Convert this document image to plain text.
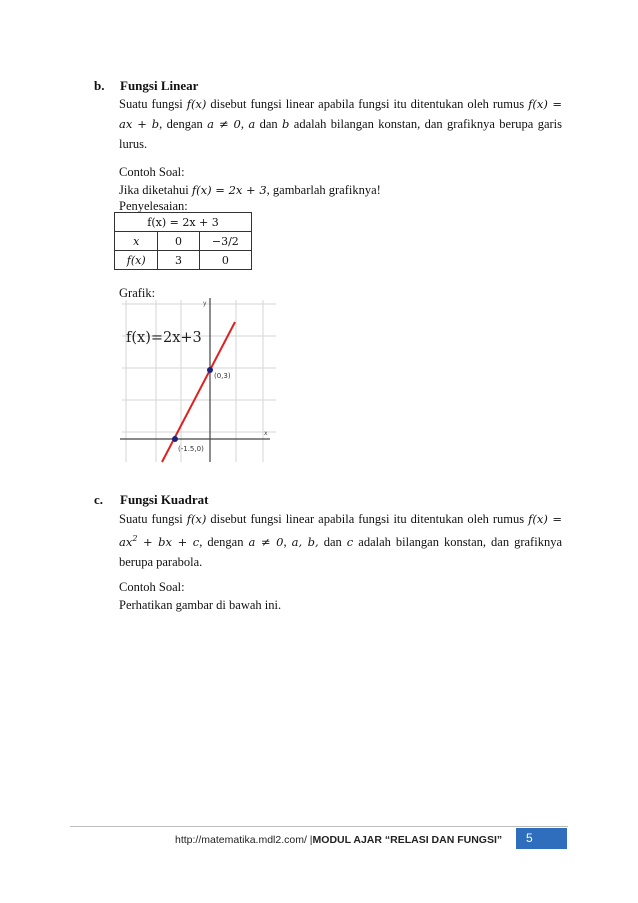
b. Fungsi Linear
Suatu fungsi f(x) disebut fungsi linear apabila fungsi itu ditentukan oleh rumus f(x) = ax + b, dengan a ≠ 0, a dan b adalah bilangan konstan, dan grafiknya berupa garis lurus.
Contoh Soal:
Jika diketahui f(x) = 2x + 3, gambarlah grafiknya!
Penyelesaian:
f(x) = 2x + 3		
x	0	−3/2
f(x)	3	0
Grafik:
x
y
(0,3)
(-1.5,0)
f(x)=2x+3
c. Fungsi Kuadrat
Suatu fungsi f(x) disebut fungsi linear apabila fungsi itu ditentukan oleh rumus $f(x) = ax^2$ + bx + c, dengan a ≠ 0, a, b, dan c adalah bilangan konstan, dan grafiknya berupa parabola.
Contoh Soal:
Perhatikan gambar di bawah ini.
http://matematika.mdl2.com/ |MODUL AJAR “RELASI DAN FUNGSI”	5
